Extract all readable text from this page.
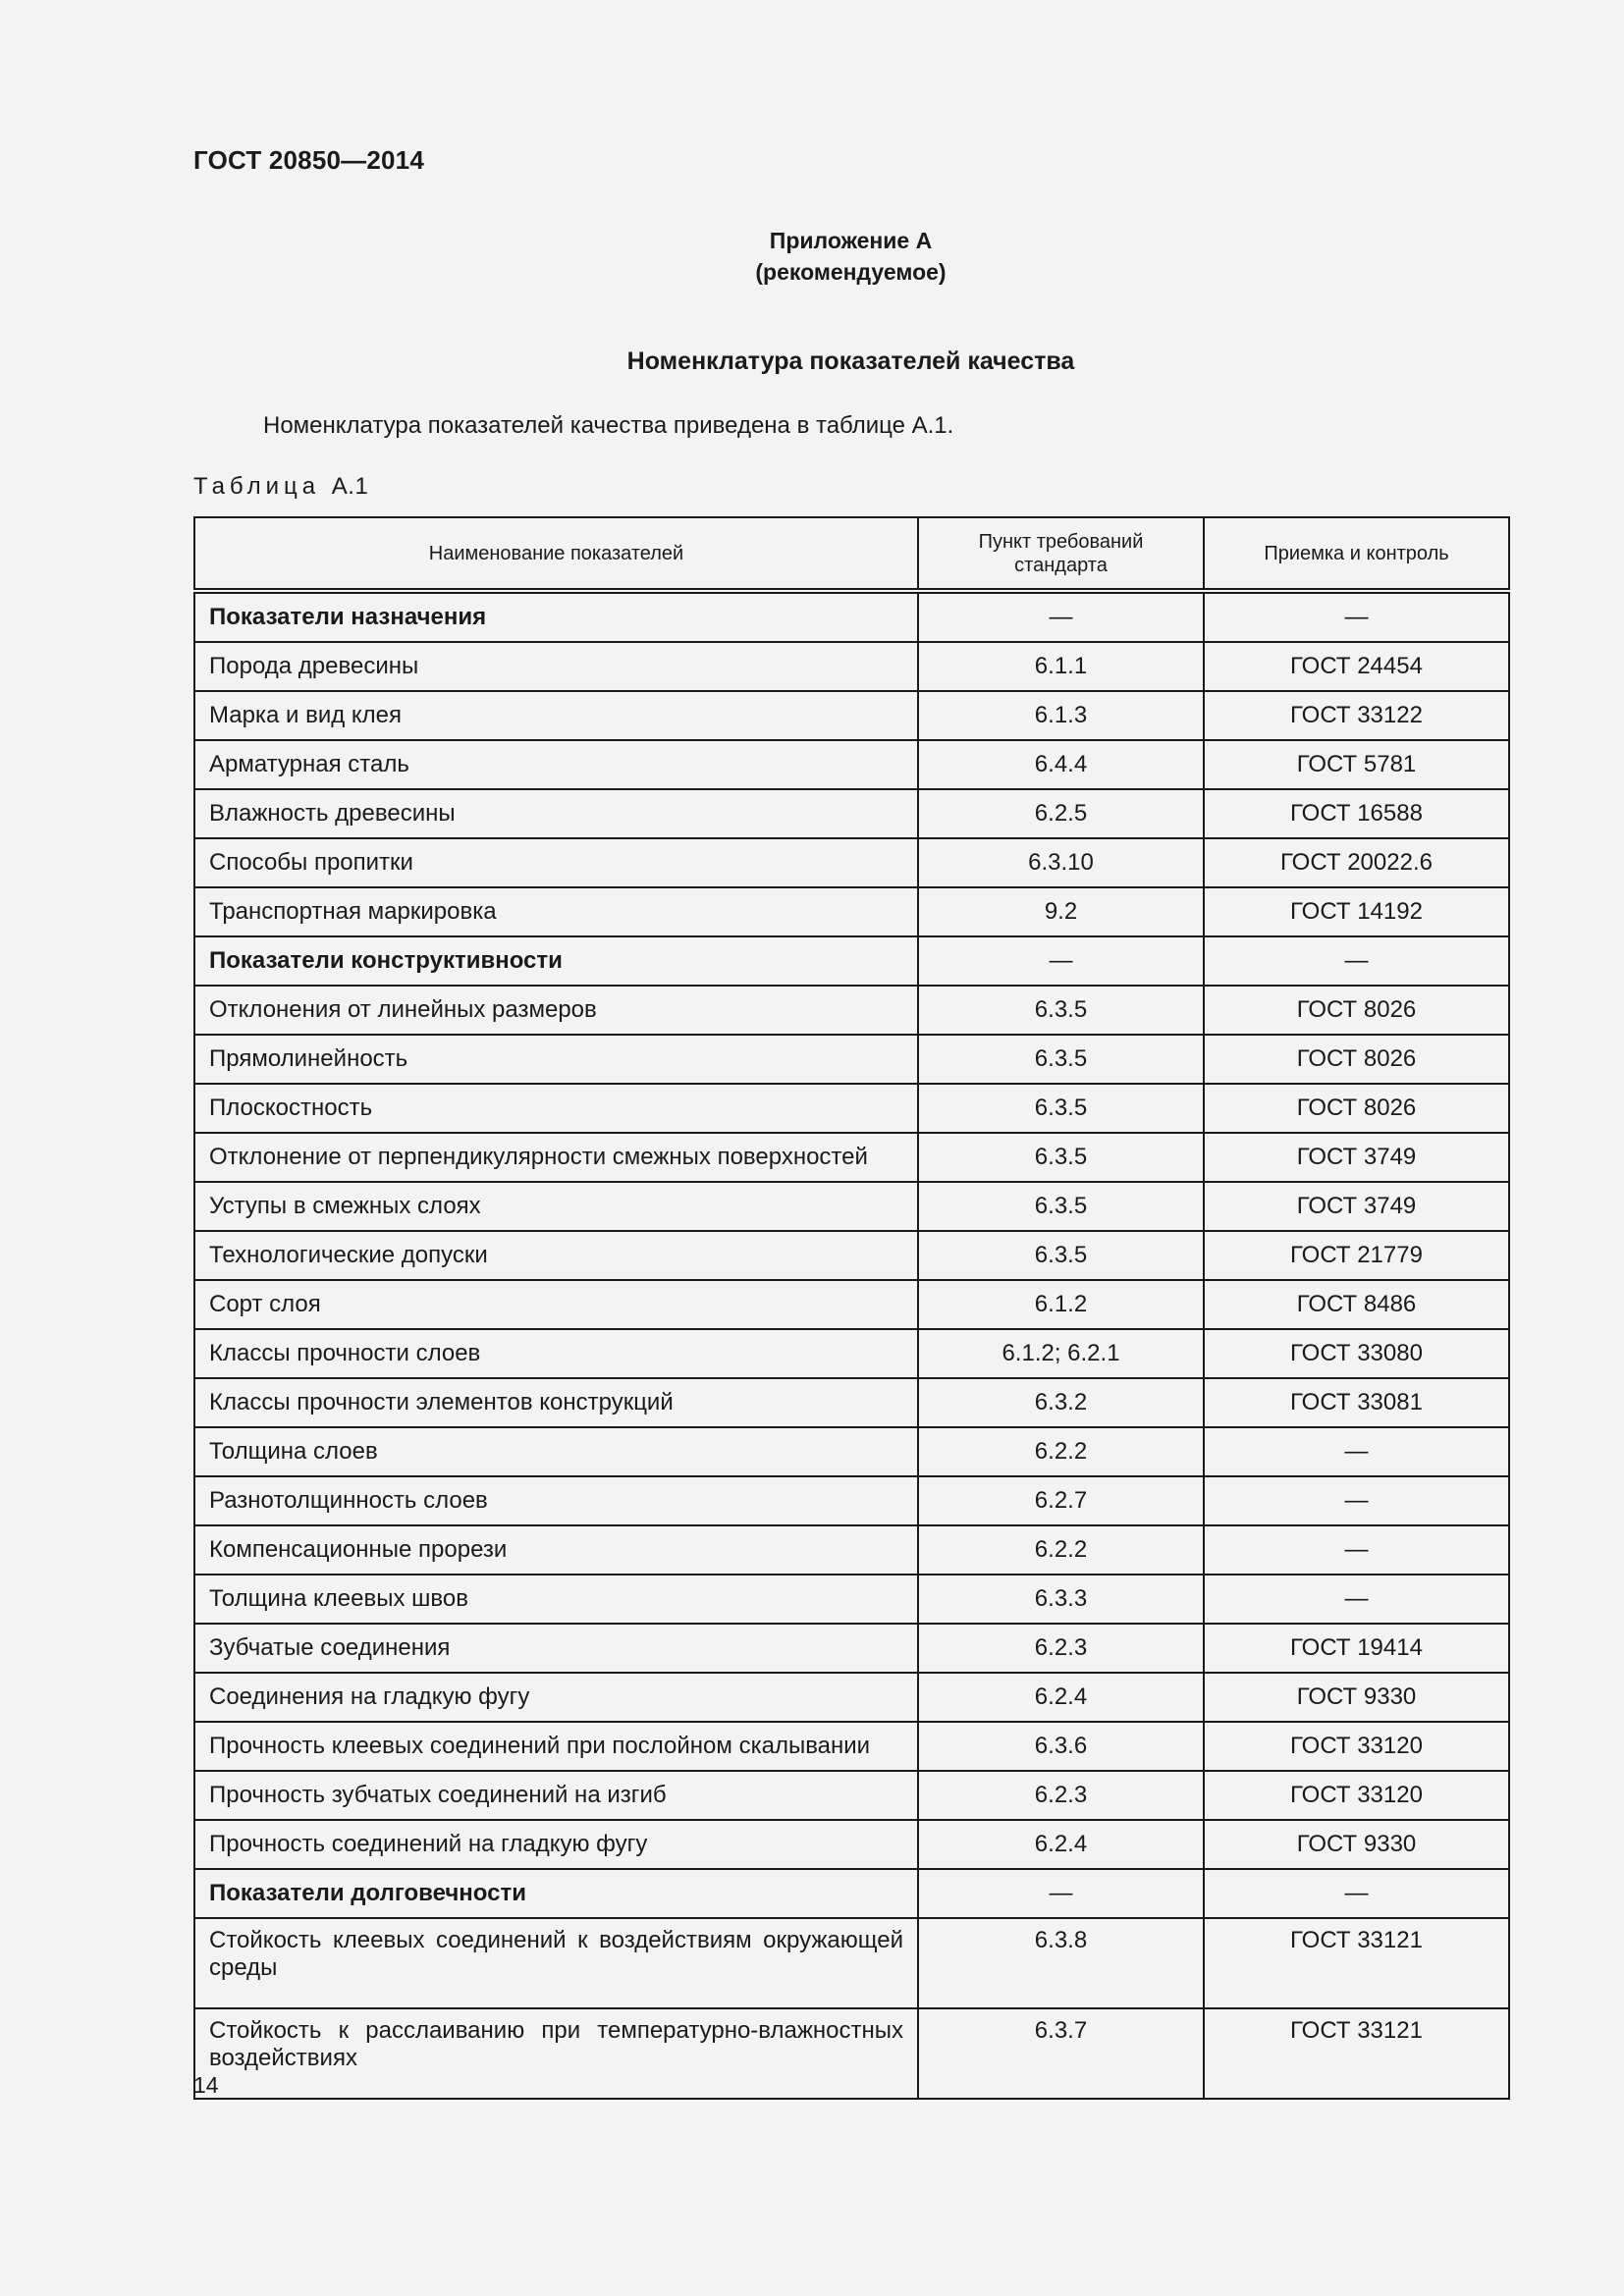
ГОСТ 20850—2014
Приложение А
(рекомендуемое)
Номенклатура показателей качества
Номенклатура показателей качества приведена в таблице А.1.
Таблица А.1
Наименование показателей	Пункт требований стандарта	Приемка и контроль
Показатели назначения	—	—
Порода древесины	6.1.1	ГОСТ 24454
Марка и вид клея	6.1.3	ГОСТ 33122
Арматурная сталь	6.4.4	ГОСТ 5781
Влажность древесины	6.2.5	ГОСТ 16588
Способы пропитки	6.3.10	ГОСТ 20022.6
Транспортная маркировка	9.2	ГОСТ 14192
Показатели конструктивности	—	—
Отклонения от линейных размеров	6.3.5	ГОСТ 8026
Прямолинейность	6.3.5	ГОСТ 8026
Плоскостность	6.3.5	ГОСТ 8026
Отклонение от перпендикулярности смежных поверхностей	6.3.5	ГОСТ 3749
Уступы в смежных слоях	6.3.5	ГОСТ 3749
Технологические допуски	6.3.5	ГОСТ 21779
Сорт слоя	6.1.2	ГОСТ 8486
Классы прочности слоев	6.1.2; 6.2.1	ГОСТ 33080
Классы прочности элементов конструкций	6.3.2	ГОСТ 33081
Толщина слоев	6.2.2	—
Разнотолщинность слоев	6.2.7	—
Компенсационные прорези	6.2.2	—
Толщина клеевых швов	6.3.3	—
Зубчатые соединения	6.2.3	ГОСТ 19414
Соединения на гладкую фугу	6.2.4	ГОСТ 9330
Прочность клеевых соединений при послойном скалывании	6.3.6	ГОСТ 33120
Прочность зубчатых соединений на изгиб	6.2.3	ГОСТ 33120
Прочность соединений на гладкую фугу	6.2.4	ГОСТ 9330
Показатели долговечности	—	—
Стойкость клеевых соединений к воздействиям окружающей среды	6.3.8	ГОСТ 33121
Стойкость к расслаиванию при температурно-влажностных воздействиях	6.3.7	ГОСТ 33121
14
